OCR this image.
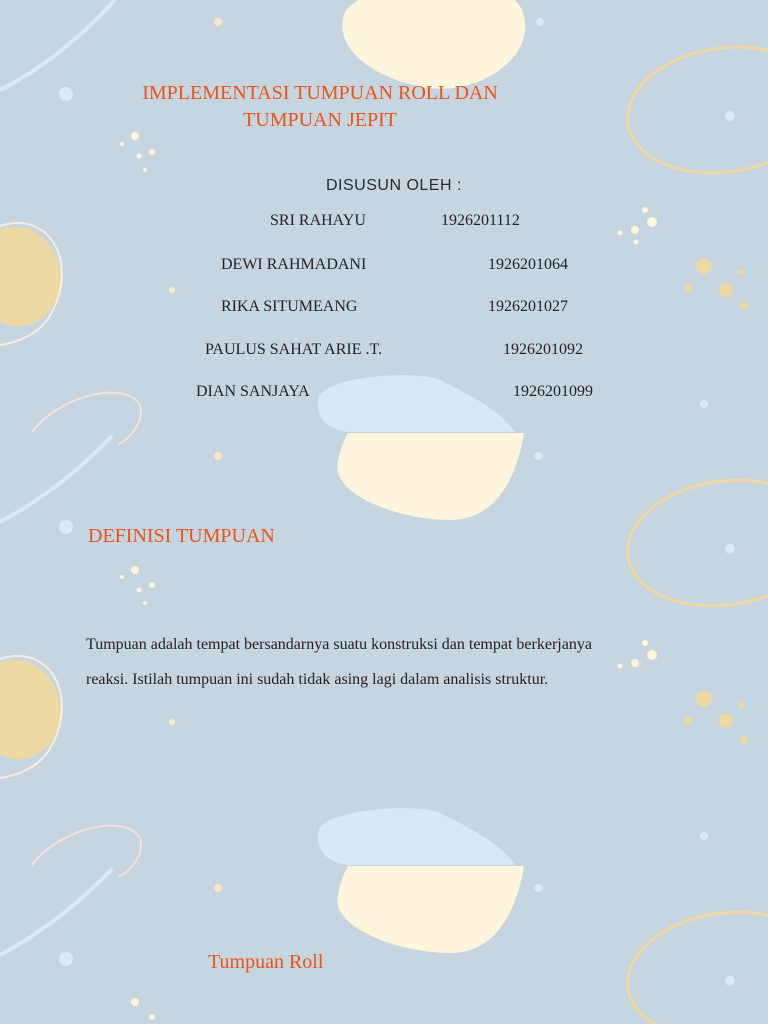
IMPLEMENTASI TUMPUAN ROLL DAN TUMPUAN JEPIT
DISUSUN OLEH :
SRI RAHAYU	1926201112
DEWI RAHMADANI	1926201064
RIKA SITUMEANG	1926201027
PAULUS SAHAT ARIE .T.	1926201092
DIAN SANJAYA	1926201099
DEFINISI TUMPUAN

Tumpuan adalah tempat bersandarnya suatu konstruksi dan tempat berkerjanya reaksi. Istilah tumpuan ini sudah tidak asing lagi dalam analisis struktur.

Tumpuan Roll
